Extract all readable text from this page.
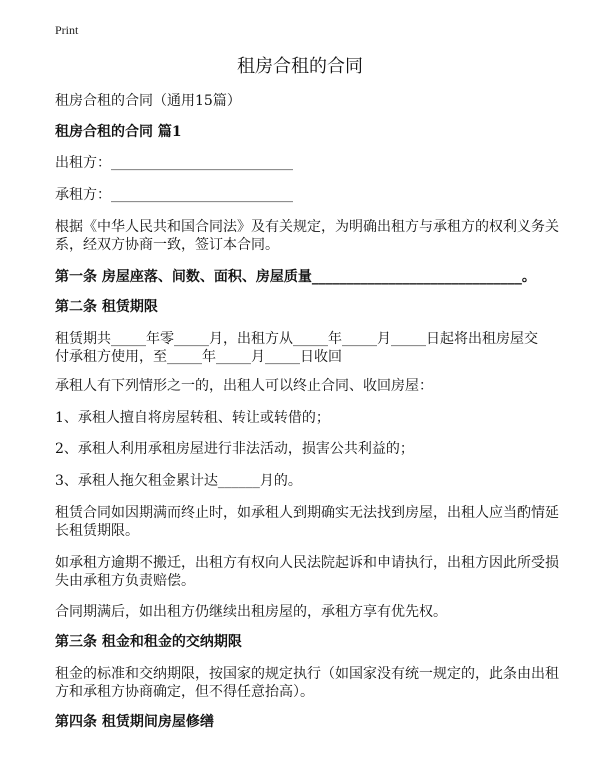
Print
租房合租的合同
租房合租的合同（通用15篇）
租房合租的合同 篇1
出租方：__________________________
承租方：__________________________
根据《中华人民共和国合同法》及有关规定，为明确出租方与承租方的权利义务关
系，经双方协商一致，签订本合同。
第一条 房屋座落、间数、面积、房屋质量______________________________。
第二条 租赁期限
租赁期共_____年零_____月，出租方从_____年_____月_____日起将出租房屋交
付承租方使用，至_____年_____月_____日收回
承租人有下列情形之一的，出租人可以终止合同、收回房屋：
1、承租人擅自将房屋转租、转让或转借的；
2、承租人利用承租房屋进行非法活动，损害公共利益的；
3、承租人拖欠租金累计达______月的。
租赁合同如因期满而终止时，如承租人到期确实无法找到房屋，出租人应当酌情延
长租赁期限。
如承租方逾期不搬迁，出租方有权向人民法院起诉和申请执行，出租方因此所受损
失由承租方负责赔偿。
合同期满后，如出租方仍继续出租房屋的，承租方享有优先权。
第三条 租金和租金的交纳期限
租金的标准和交纳期限，按国家的规定执行（如国家没有统一规定的，此条由出租
方和承租方协商确定，但不得任意抬高）。
第四条 租赁期间房屋修缮
